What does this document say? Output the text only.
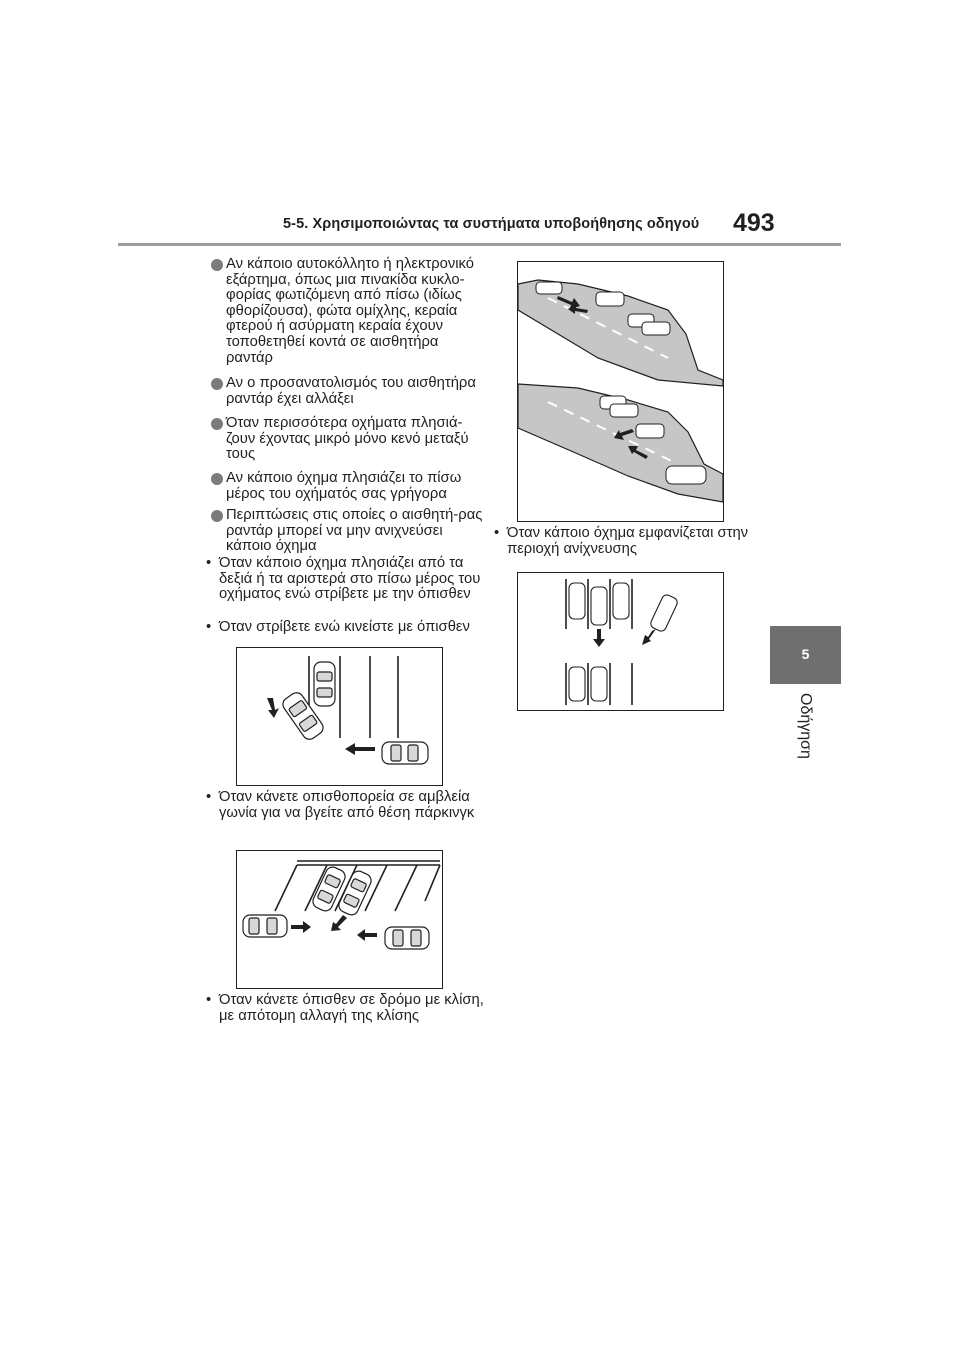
5-5. Χρησιμοποιώντας τα συστήματα υποβοήθησης οδηγού 493
5
Οδήγηση
Αν κάποιο αυτοκόλλητο ή ηλεκτρονικό εξάρτημα, όπως μια πινακίδα κυκλο-φορίας φωτιζόμενη από πίσω (ιδίως φθορίζουσα), φώτα ομίχλης, κεραία φτερού ή ασύρματη κεραία έχουν τοποθετηθεί κοντά σε αισθητήρα ραντάρ
Αν ο προσανατολισμός του αισθητήρα ραντάρ έχει αλλάξει
Όταν περισσότερα οχήματα πλησιά-ζουν έχοντας μικρό μόνο κενό μεταξύ τους
Αν κάποιο όχημα πλησιάζει το πίσω μέρος του οχήματός σας γρήγορα
Περιπτώσεις στις οποίες ο αισθητή-ρας ραντάρ μπορεί να μην ανιχνεύσει κάποιο όχημα
• Όταν κάποιο όχημα πλησιάζει από τα δεξιά ή τα αριστερά στο πίσω μέρος του οχήματος ενώ στρίβετε με την όπισθεν
• Όταν στρίβετε ενώ κινείστε με όπισθεν
• Όταν κάνετε οπισθοπορεία σε αμβλεία γωνία για να βγείτε από θέση πάρκινγκ
• Όταν κάνετε όπισθεν σε δρόμο με κλίση, με απότομη αλλαγή της κλίσης
• Όταν κάποιο όχημα εμφανίζεται στην περιοχή ανίχνευσης
